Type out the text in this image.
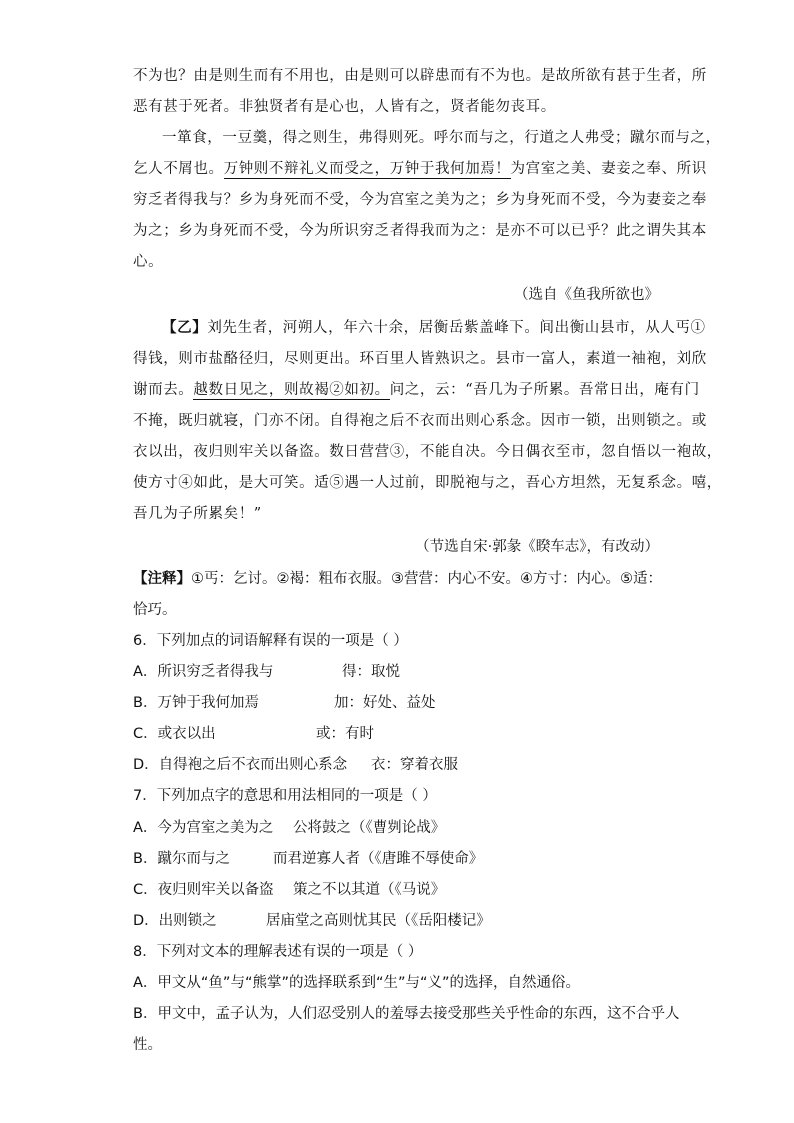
不为也？由是则生而有不用也，由是则可以辟患而有不为也。是故所欲有甚于生者，所
恶有甚于死者。非独贤者有是心也，人皆有之，贤者能勿丧耳。
一箪食，一豆羹，得之则生，弗得则死。呼尔而与之，行道之人弗受；蹴尔而与之，
乞人不屑也。万钟则不辩礼义而受之，万钟于我何加焉！为宫室之美、妻妾之奉、所识
穷乏者得我与？乡为身死而不受，今为宫室之美为之；乡为身死而不受，今为妻妾之奉
为之；乡为身死而不受，今为所识穷乏者得我而为之：是亦不可以已乎？此之谓失其本
心。
（选自《鱼我所欲也》
【乙】刘先生者，河朔人，年六十余，居衡岳紫盖峰下。间出衡山县市，从人丐①
得钱，则市盐酪径归，尽则更出。环百里人皆熟识之。县市一富人，素道一袖袍，刘欣
谢而去。越数日见之，则故褐②如初。问之，云：“吾几为子所累。吾常日出，庵有门
不掩，既归就寝，门亦不闭。自得袍之后不衣而出则心系念。因市一锁，出则锁之。或
衣以出，夜归则牢关以备盗。数日营营③，不能自决。今日偶衣至市，忽自悟以一袍故，
使方寸④如此，是大可笑。适⑤遇一人过前，即脱袍与之，吾心方坦然，无复系念。嘻，
吾几为子所累矣！”
（节选自宋·郭彖《睽车志》，有改动）
【注释】①丐：乞讨。②褐：粗布衣服。③营营：内心不安。④方寸：内心。⑤适：
恰巧。
6．下列加点的词语解释有误的一项是（ ）
A．所识穷乏者得我与	得：取悦
B．万钟于我何加焉	加：好处、益处
C．或衣以出	或：有时
D．自得袍之后不衣而出则心系念 衣：穿着衣服
7．下列加点字的意思和用法相同的一项是（ ）
A．今为宫室之美为之 公将鼓之（《曹刿论战》
B．蹴尔而与之	而君逆寡人者（《唐雎不辱使命》
C．夜归则牢关以备盗 策之不以其道（《马说》
D．出则锁之	居庙堂之高则忧其民（《岳阳楼记》
8．下列对文本的理解表述有误的一项是（ ）
A．甲文从“鱼”与“熊掌”的选择联系到“生”与“义”的选择，自然通俗。
B．甲文中，孟子认为，人们忍受别人的羞辱去接受那些关乎性命的东西，这不合乎人
性。
